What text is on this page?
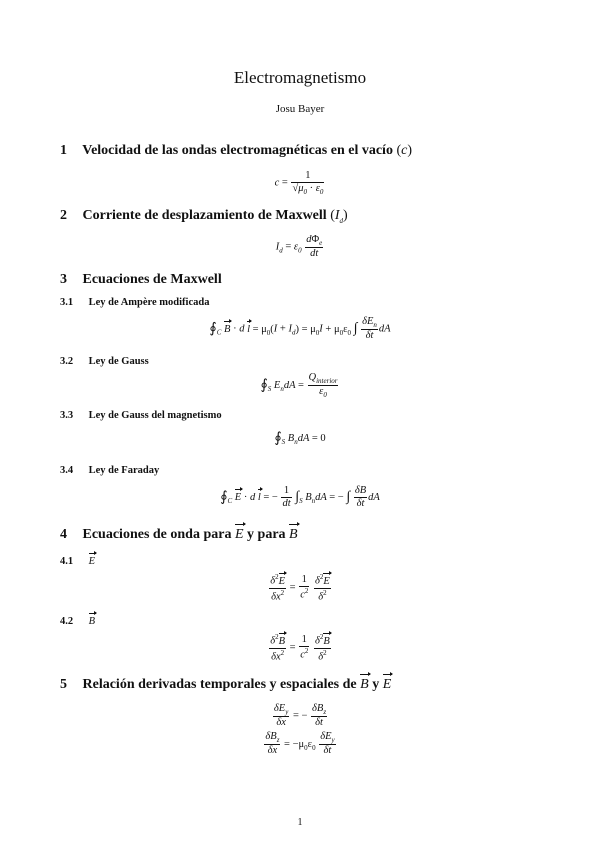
Electromagnetismo
Josu Bayer
1 Velocidad de las ondas electromagnéticas en el vacío (c)
$c = \frac{1}{√\mu_0 \cdot \varepsilon_0}$
2 Corriente de desplazamiento de Maxwell $(I_d)$
$I_d = \varepsilon_0 \frac{d\Phi_e}{dt}$
3 Ecuaciones de Maxwell
3.1 Ley de Ampère modificada
$∮_C$ B · d $l = \mu_0(I + I_d) = \mu_0I + \mu_0\varepsilon_0$ ∫ $\frac{\delta E_n}{\delta t}$ dA
3.2 Ley de Gauss
$∮_S$ $E_ndA = \frac{Q_{interior}}{\varepsilon_0}$
3.3 Ley de Gauss del magnetismo
$∮_S$ $B_ndA = 0$
3.4 Ley de Faraday
$∮_C$ E · d l = − $\frac{1}{dt} \int_S$ $B_ndA$ = − ∫ $\frac{\delta B}{\delta t}$ dA
4 Ecuaciones de onda para E y para B
4.1 E
$\frac{\delta^2E}{\delta x^2} = \frac{1}{c^2}$
$\frac{\delta^2E}{\delta^2}$
4.2 B
$\frac{\delta^2B}{\delta x^2} = \frac{1}{c^2}$
$\frac{\delta^2B}{\delta^2}$
5 Relación derivadas temporales y espaciales de B y E
$\frac{\delta E_y}{\delta x}$ = − $\frac{\delta B_z}{\delta t}$
$\frac{\delta B_z}{\delta x} = -\mu_0\varepsilon_0 \frac{\delta E_y}{\delta t}$
1
